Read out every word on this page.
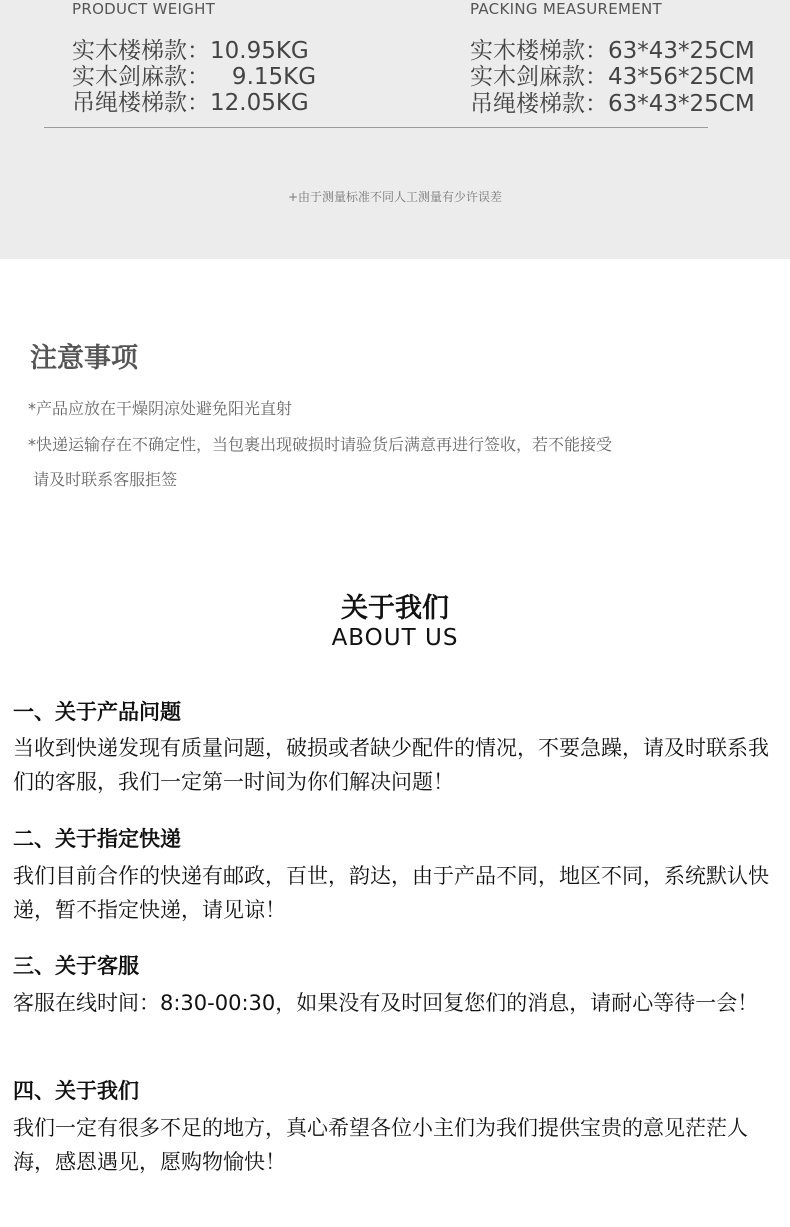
PRODUCT WEIGHT	PACKING MEASUREMENT
实木楼梯款：10.95KG
实木剑麻款：   9.15KG
吊绳楼梯款：12.05KG
实木楼梯款：63*43*25CM
实木剑麻款：43*56*25CM
吊绳楼梯款：63*43*25CM
+由于测量标准不同人工测量有少许误差
注意事项
*产品应放在干燥阴凉处避免阳光直射
*快递运输存在不确定性，当包裹出现破损时请验货后满意再进行签收，若不能接受
请及时联系客服拒签
关于我们
ABOUT US
一、关于产品问题
当收到快递发现有质量问题，破损或者缺少配件的情况，不要急躁，请及时联系我们的客服，我们一定第一时间为你们解决问题！
二、关于指定快递
我们目前合作的快递有邮政，百世，韵达，由于产品不同，地区不同，系统默认快递，暂不指定快递，请见谅！
三、关于客服
客服在线时间：8:30-00:30，如果没有及时回复您们的消息，请耐心等待一会！
四、关于我们
我们一定有很多不足的地方，真心希望各位小主们为我们提供宝贵的意见茫茫人海，感恩遇见，愿购物愉快！
